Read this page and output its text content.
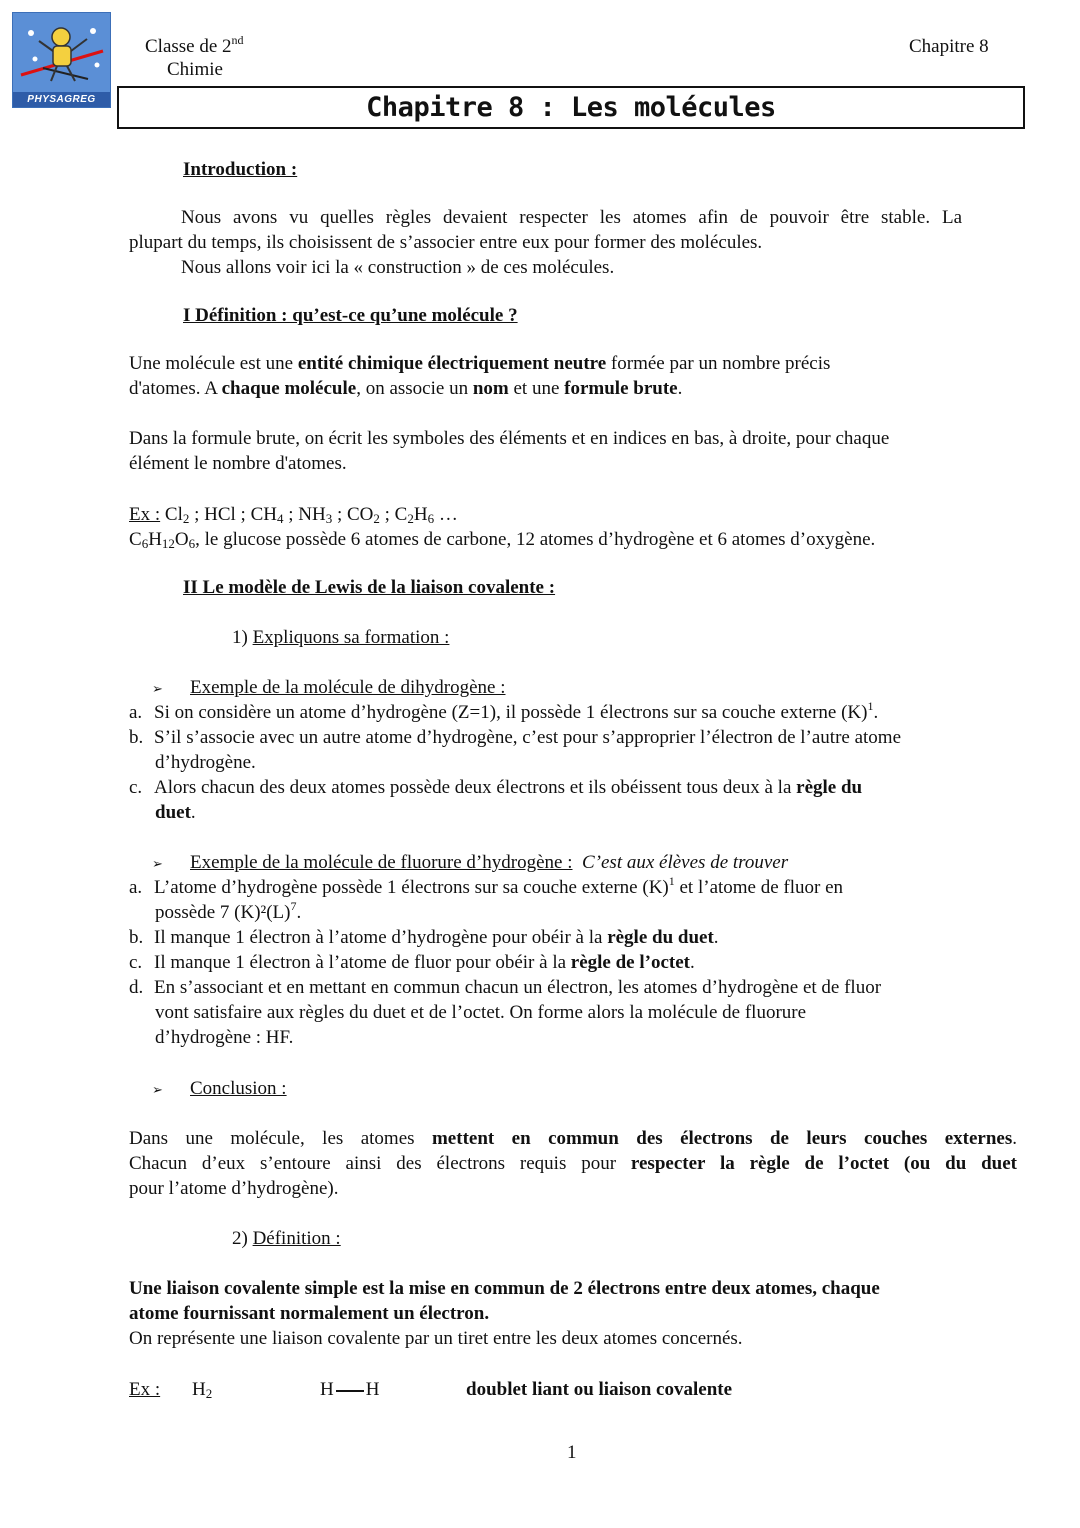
PHYSAGREG
Classe de 2nd
Chimie
Chapitre 8
Chapitre 8 : Les molécules
Introduction :
Nous avons vu quelles règles devaient respecter les atomes afin de pouvoir être stable. La
plupart du temps, ils choisissent de s’associer entre eux pour former des molécules.
Nous allons voir ici la « construction » de ces molécules.
I Définition : qu’est-ce qu’une molécule ?
Une molécule est une entité chimique électriquement neutre formée par un nombre précis
d'atomes. A chaque molécule, on associe un nom et une formule brute.
Dans la formule brute, on écrit les symboles des éléments et en indices en bas, à droite, pour chaque
élément le nombre d'atomes.
Ex : $Cl_2$ ; HCl ; $CH_4$ ; $NH_3$ ; $CO_2$ ; $C_2H_6$ …
$C_6H_{12}O_6$, le glucose possède 6 atomes de carbone, 12 atomes d’hydrogène et 6 atomes d’oxygène.
II Le modèle de Lewis de la liaison covalente :
1) Expliquons sa formation :
➢ Exemple de la molécule de dihydrogène :
a. Si on considère un atome d’hydrogène (Z=1), il possède 1 électrons sur sa couche externe $(K)^1$.
b. S’il s’associe avec un autre atome d’hydrogène, c’est pour s’approprier l’électron de l’autre atome
d’hydrogène.
c. Alors chacun des deux atomes possède deux électrons et ils obéissent tous deux à la règle du
duet.
➢ Exemple de la molécule de fluorure d’hydrogène : C’est aux élèves de trouver
a. L’atome d’hydrogène possède 1 électrons sur sa couche externe $(K)^1$ et l’atome de fluor en
possède 7 $(K)^2(L)^7$.
b. Il manque 1 électron à l’atome d’hydrogène pour obéir à la règle du duet.
c. Il manque 1 électron à l’atome de fluor pour obéir à la règle de l’octet.
d. En s’associant et en mettant en commun chacun un électron, les atomes d’hydrogène et de fluor
vont satisfaire aux règles du duet et de l’octet. On forme alors la molécule de fluorure
d’hydrogène : HF.
➢ Conclusion :
Dans une molécule, les atomes mettent en commun des électrons de leurs couches externes.
Chacun d’eux s’entoure ainsi des électrons requis pour respecter la règle de l’octet (ou du duet
pour l’atome d’hydrogène).
2) Définition :
Une liaison covalente simple est la mise en commun de 2 électrons entre deux atomes, chaque
atome fournissant normalement un électron.
On représente une liaison covalente par un tiret entre les deux atomes concernés.
Ex : $H_2$	H H	doublet liant ou liaison covalente
1
